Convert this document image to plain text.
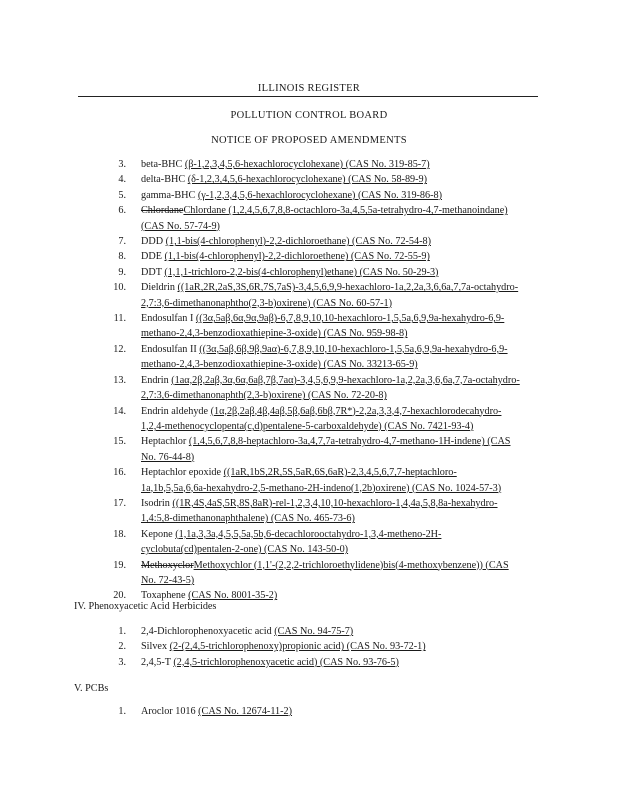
ILLINOIS REGISTER
POLLUTION CONTROL BOARD
NOTICE OF PROPOSED AMENDMENTS
3. beta-BHC (β-1,2,3,4,5,6-hexachlorocyclohexane) (CAS No. 319-85-7)
4. delta-BHC (δ-1,2,3,4,5,6-hexachlorocyclohexane) (CAS No. 58-89-9)
5. gamma-BHC (γ-1,2,3,4,5,6-hexachlorocyclohexane) (CAS No. 319-86-8)
6. ChlordaneChlordane (1,2,4,5,6,7,8,8-octachloro-3a,4,5,5a-tetrahydro-4,7-methanoindane) (CAS No. 57-74-9)
7. DDD (1,1-bis(4-chlorophenyl)-2,2-dichloroethane) (CAS No. 72-54-8)
8. DDE (1,1-bis(4-chlorophenyl)-2,2-dichloroethene) (CAS No. 72-55-9)
9. DDT (1,1,1-trichloro-2,2-bis(4-chlorophenyl)ethane) (CAS No. 50-29-3)
10. Dieldrin ((1aR,2R,2aS,3S,6R,7S,7aS)-3,4,5,6,9,9-hexachloro-1a,2,2a,3,6,6a,7,7a-octahydro-2,7:3,6-dimethanonaphtho(2,3-b)oxirene) (CAS No. 60-57-1)
11. Endosulfan I ((3α,5aβ,6α,9α,9aβ)-6,7,8,9,10,10-hexachloro-1,5,5a,6,9,9a-hexahydro-6,9-methano-2,4,3-benzodioxathiepine-3-oxide) (CAS No. 959-98-8)
12. Endosulfan II ((3α,5aβ,6β,9β,9aα)-6,7,8,9,10,10-hexachloro-1,5,5a,6,9,9a-hexahydro-6,9-methano-2,4,3-benzodioxathiepine-3-oxide) (CAS No. 33213-65-9)
13. Endrin (1aα,2β,2aβ,3α,6α,6aβ,7β,7aα)-3,4,5,6,9,9-hexachloro-1a,2,2a,3,6,6a,7,7a-octahydro-2,7:3,6-dimethanonaphth(2,3-b)oxirene) (CAS No. 72-20-8)
14. Endrin aldehyde (1α,2β,2aβ,4β,4aβ,5β,6aβ,6bβ,7R*)-2,2a,3,3,4,7-hexachlorodecahydro-1,2,4-methenocyclopenta(c,d)pentalene-5-carboxaldehyde) (CAS No. 7421-93-4)
15. Heptachlor (1,4,5,6,7,8,8-heptachloro-3a,4,7,7a-tetrahydro-4,7-methano-1H-indene) (CAS No. 76-44-8)
16. Heptachlor epoxide ((1aR,1bS,2R,5S,5aR,6S,6aR)-2,3,4,5,6,7,7-heptachloro-1a,1b,5,5a,6,6a-hexahydro-2,5-methano-2H-indeno(1,2b)oxirene) (CAS No. 1024-57-3)
17. Isodrin ((1R,4S,4aS,5R,8S,8aR)-rel-1,2,3,4,10,10-hexachloro-1,4,4a,5,8,8a-hexahydro-1,4:5,8-dimethanonaphthalene) (CAS No. 465-73-6)
18. Kepone (1,1a,3,3a,4,5,5,5a,5b,6-decachlorooctahydro-1,3,4-metheno-2H-cyclobuta(cd)pentalen-2-one) (CAS No. 143-50-0)
19. MethoxyclorMethoxychlor (1,1'-(2,2,2-trichloroethylidene)bis(4-methoxybenzene)) (CAS No. 72-43-5)
20. Toxaphene (CAS No. 8001-35-2)
IV. Phenoxyacetic Acid Herbicides
1. 2,4-Dichlorophenoxyacetic acid (CAS No. 94-75-7)
2. Silvex (2-(2,4,5-trichlorophenoxy)propionic acid) (CAS No. 93-72-1)
3. 2,4,5-T (2,4,5-trichlorophenoxyacetic acid) (CAS No. 93-76-5)
V. PCBs
1. Aroclor 1016 (CAS No. 12674-11-2)
